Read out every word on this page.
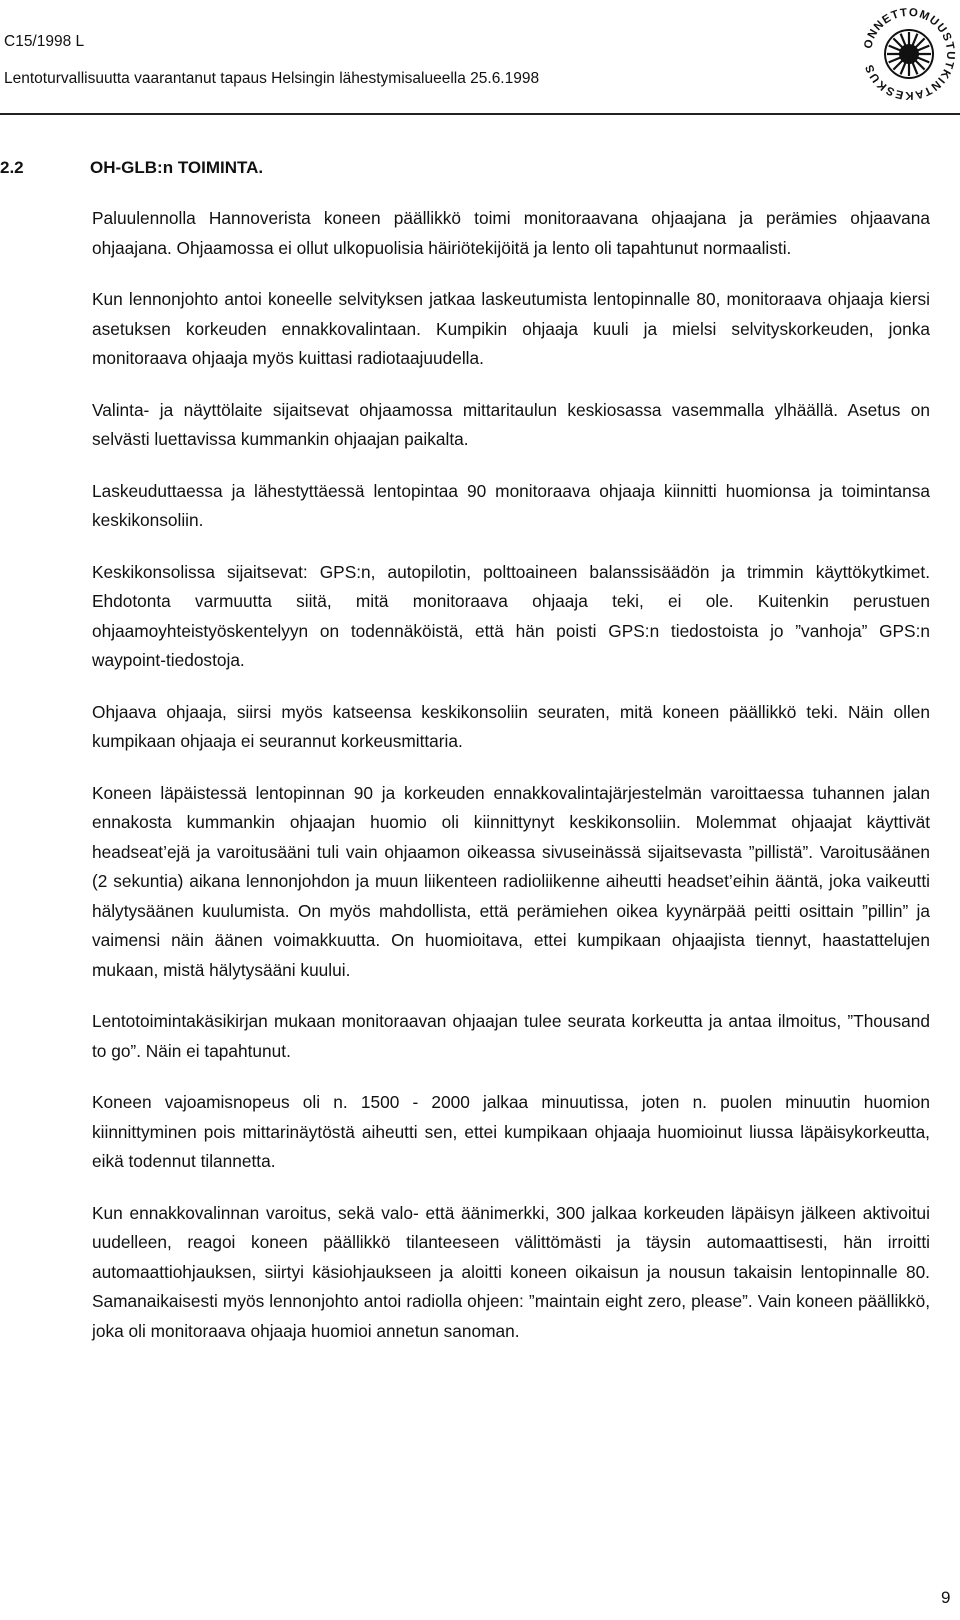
C15/1998 L
Lentoturvallisuutta vaarantanut tapaus Helsingin lähestymisalueella 25.6.1998
ONNETTOMUUSTUTKINTAKESKUS
2.2	OH-GLB:n TOIMINTA.

Paluulennolla Hannoverista koneen päällikkö toimi monitoraavana ohjaajana ja perämies ohjaavana ohjaajana. Ohjaamossa ei ollut ulkopuolisia häiriötekijöitä ja lento oli tapahtunut normaalisti.

Kun lennonjohto antoi koneelle selvityksen jatkaa laskeutumista lentopinnalle 80, monitoraava ohjaaja kiersi asetuksen korkeuden ennakkovalintaan. Kumpikin ohjaaja kuuli ja mielsi selvityskorkeuden, jonka monitoraava ohjaaja myös kuittasi radiotaajuudella.

Valinta- ja näyttölaite sijaitsevat ohjaamossa mittaritaulun keskiosassa vasemmalla ylhäällä. Asetus on selvästi luettavissa kummankin ohjaajan paikalta.

Laskeuduttaessa ja lähestyttäessä lentopintaa 90 monitoraava ohjaaja kiinnitti huomionsa ja toimintansa keskikonsoliin.

Keskikonsolissa sijaitsevat: GPS:n, autopilotin, polttoaineen balanssisäädön ja trimmin käyttökytkimet. Ehdotonta varmuutta siitä, mitä monitoraava ohjaaja teki, ei ole. Kuitenkin perustuen ohjaamoyhteistyöskentelyyn on todennäköistä, että hän poisti GPS:n tiedostoista jo ”vanhoja” GPS:n waypoint-tiedostoja.

Ohjaava ohjaaja, siirsi myös katseensa keskikonsoliin seuraten, mitä koneen päällikkö teki. Näin ollen kumpikaan ohjaaja ei seurannut korkeusmittaria.

Koneen läpäistessä lentopinnan 90 ja korkeuden ennakkovalintajärjestelmän varoittaessa tuhannen jalan ennakosta kummankin ohjaajan huomio oli kiinnittynyt keskikonsoliin. Molemmat ohjaajat käyttivät headseat’ejä ja varoitusääni tuli vain ohjaamon oikeassa sivuseinässä sijaitsevasta ”pillistä”. Varoitusäänen (2 sekuntia) aikana lennonjohdon ja muun liikenteen radioliikenne aiheutti headset’eihin ääntä, joka vaikeutti hälytysäänen kuulumista. On myös mahdollista, että perämiehen oikea kyynärpää peitti osittain ”pillin” ja vaimensi näin äänen voimakkuutta. On huomioitava, ettei kumpikaan ohjaajista tiennyt, haastattelujen mukaan, mistä hälytysääni kuului.

Lentotoimintakäsikirjan mukaan monitoraavan ohjaajan tulee seurata korkeutta ja antaa ilmoitus, ”Thousand to go”. Näin ei tapahtunut.

Koneen vajoamisnopeus oli n. 1500 - 2000 jalkaa minuutissa, joten n. puolen minuutin huomion kiinnittyminen pois mittarinäytöstä aiheutti sen, ettei kumpikaan ohjaaja huomioinut liussa läpäisykorkeutta, eikä todennut tilannetta.

Kun ennakkovalinnan varoitus, sekä valo- että äänimerkki, 300 jalkaa korkeuden läpäisyn jälkeen aktivoitui uudelleen, reagoi koneen päällikkö tilanteeseen välittömästi ja täysin automaattisesti, hän irroitti automaattiohjauksen, siirtyi käsiohjaukseen ja aloitti koneen oikaisun ja nousun takaisin lentopinnalle 80. Samanaikaisesti myös lennonjohto antoi radiolla ohjeen: ”maintain eight zero, please”. Vain koneen päällikkö, joka oli monitoraava ohjaaja huomioi annetun sanoman.

9
